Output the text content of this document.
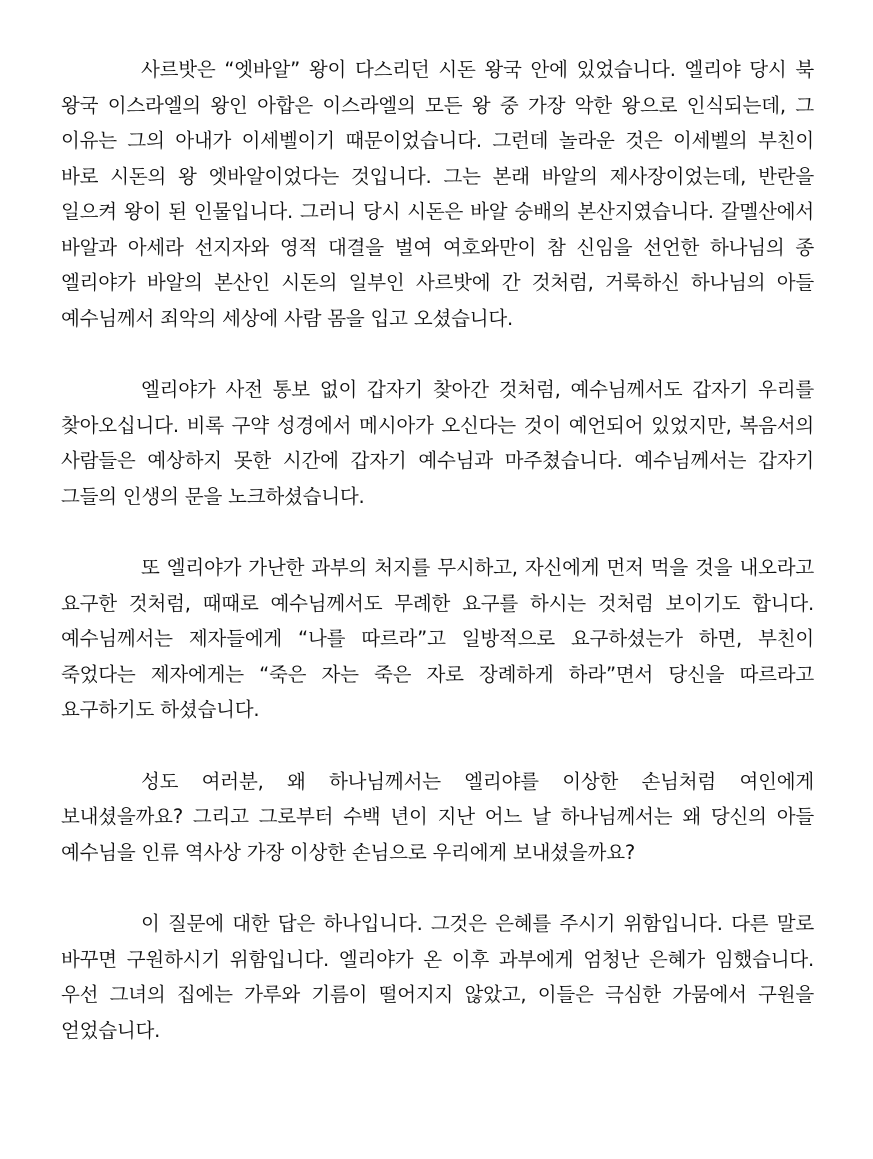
사르밧은 “엣바알” 왕이 다스리던 시돈 왕국 안에 있었습니다. 엘리야 당시 북 왕국 이스라엘의 왕인 아합은 이스라엘의 모든 왕 중 가장 악한 왕으로 인식되는데, 그 이유는 그의 아내가 이세벨이기 때문이었습니다. 그런데 놀라운 것은 이세벨의 부친이 바로 시돈의 왕 엣바알이었다는 것입니다. 그는 본래 바알의 제사장이었는데, 반란을 일으켜 왕이 된 인물입니다. 그러니 당시 시돈은 바알 숭배의 본산지였습니다. 갈멜산에서 바알과 아세라 선지자와 영적 대결을 벌여 여호와만이 참 신임을 선언한 하나님의 종 엘리야가 바알의 본산인 시돈의 일부인 사르밧에 간 것처럼, 거룩하신 하나님의 아들 예수님께서 죄악의 세상에 사람 몸을 입고 오셨습니다.

엘리야가 사전 통보 없이 갑자기 찾아간 것처럼, 예수님께서도 갑자기 우리를 찾아오십니다. 비록 구약 성경에서 메시아가 오신다는 것이 예언되어 있었지만, 복음서의 사람들은 예상하지 못한 시간에 갑자기 예수님과 마주쳤습니다. 예수님께서는 갑자기 그들의 인생의 문을 노크하셨습니다.

또 엘리야가 가난한 과부의 처지를 무시하고, 자신에게 먼저 먹을 것을 내오라고 요구한 것처럼, 때때로 예수님께서도 무례한 요구를 하시는 것처럼 보이기도 합니다. 예수님께서는 제자들에게 “나를 따르라”고 일방적으로 요구하셨는가 하면, 부친이 죽었다는 제자에게는 “죽은 자는 죽은 자로 장례하게 하라”면서 당신을 따르라고 요구하기도 하셨습니다.

성도 여러분, 왜 하나님께서는 엘리야를 이상한 손님처럼 여인에게 보내셨을까요? 그리고 그로부터 수백 년이 지난 어느 날 하나님께서는 왜 당신의 아들 예수님을 인류 역사상 가장 이상한 손님으로 우리에게 보내셨을까요?

이 질문에 대한 답은 하나입니다. 그것은 은혜를 주시기 위함입니다. 다른 말로 바꾸면 구원하시기 위함입니다. 엘리야가 온 이후 과부에게 엄청난 은혜가 임했습니다. 우선 그녀의 집에는 가루와 기름이 떨어지지 않았고, 이들은 극심한 가뭄에서 구원을 얻었습니다.
